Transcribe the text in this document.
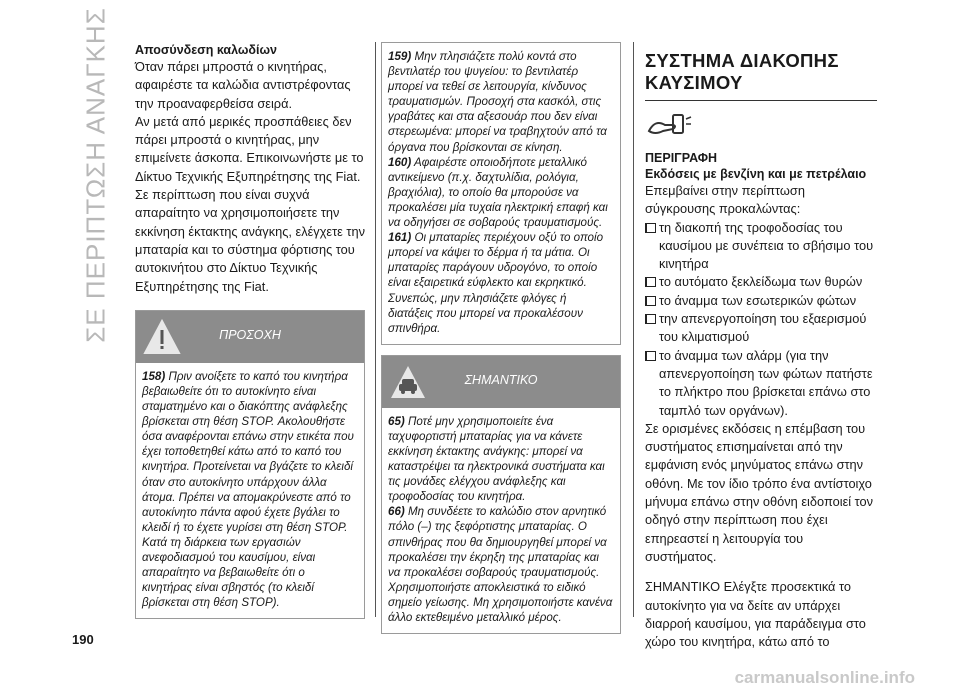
ΣΕ ΠΕΡΙΠΤΩΣΗ ΑΝΑΓΚΗΣ Αποσύνδεση καλωδίων

Όταν πάρει μπροστά ο κινητήρας, αφαιρέστε τα καλώδια αντιστρέφοντας την προαναφερθείσα σειρά.

Αν μετά από μερικές προσπάθειες δεν πάρει μπροστά ο κινητήρας, μην επιμείνετε άσκοπα. Επικοινωνήστε με το Δίκτυο Τεχνικής Εξυπηρέτησης της Fiat.

Σε περίπτωση που είναι συχνά απαραίτητο να χρησιμοποιήσετε την εκκίνηση έκτακτης ανάγκης, ελέγχετε την μπαταρία και το σύστημα φόρτισης του αυτοκινήτου στο Δίκτυο Τεχνικής Εξυπηρέτησης της Fiat.

ΠΡΟΣΟΧΗ

158) Πριν ανοίξετε το καπό του κινητήρα βεβαιωθείτε ότι το αυτοκίνητο είναι σταματημένο και ο διακόπτης ανάφλεξης βρίσκεται στη θέση STOP. Ακολουθήστε όσα αναφέρονται επάνω στην ετικέτα που έχει τοποθετηθεί κάτω από το καπό του κινητήρα. Προτείνεται να βγάζετε το κλειδί όταν στο αυτοκίνητο υπάρχουν άλλα άτομα. Πρέπει να απομακρύνεστε από το αυτοκίνητο πάντα αφού έχετε βγάλει το κλειδί ή το έχετε γυρίσει στη θέση STOP. Κατά τη διάρκεια των εργασιών ανεφοδιασμού του καυσίμου, είναι απαραίτητο να βεβαιωθείτε ότι ο κινητήρας είναι σβηστός (το κλειδί βρίσκεται στη θέση STOP).

159) Μην πλησιάζετε πολύ κοντά στο βεντιλατέρ του ψυγείου: το βεντιλατέρ μπορεί να τεθεί σε λειτουργία, κίνδυνος τραυματισμών. Προσοχή στα κασκόλ, στις γραβάτες και στα αξεσουάρ που δεν είναι στερεωμένα: μπορεί να τραβηχτούν από τα όργανα που βρίσκονται σε κίνηση.

160) Αφαιρέστε οποιοδήποτε μεταλλικό αντικείμενο (π.χ. δαχτυλίδια, ρολόγια, βραχιόλια), το οποίο θα μπορούσε να προκαλέσει μία τυχαία ηλεκτρική επαφή και να οδηγήσει σε σοβαρούς τραυματισμούς.

161) Οι μπαταρίες περιέχουν οξύ το οποίο μπορεί να κάψει το δέρμα ή τα μάτια. Οι μπαταρίες παράγουν υδρογόνο, το οποίο είναι εξαιρετικά εύφλεκτο και εκρηκτικό. Συνεπώς, μην πλησιάζετε φλόγες ή διατάξεις που μπορεί να προκαλέσουν σπινθήρα.

ΣΗΜΑΝΤΙΚΟ

65) Ποτέ μην χρησιμοποιείτε ένα ταχυφορτιστή μπαταρίας για να κάνετε εκκίνηση έκτακτης ανάγκης: μπορεί να καταστρέψει τα ηλεκτρονικά συστήματα και τις μονάδες ελέγχου ανάφλεξης και τροφοδοσίας του κινητήρα.

66) Μη συνδέετε το καλώδιο στον αρνητικό πόλο (–) της ξεφόρτιστης μπαταρίας. Ο σπινθήρας που θα δημιουργηθεί μπορεί να προκαλέσει την έκρηξη της μπαταρίας και να προκαλέσει σοβαρούς τραυματισμούς. Χρησιμοποιήστε αποκλειστικά το ειδικό σημείο γείωσης. Μη χρησιμοποιήστε κανένα άλλο εκτεθειμένο μεταλλικό μέρος.

ΣΥΣΤΗΜΑ ΔΙΑΚΟΠΗΣ ΚΑΥΣΙΜΟΥ

ΠΕΡΙΓΡΑΦΗ

Εκδόσεις με βενζίνη και με πετρέλαιο

Επεμβαίνει στην περίπτωση σύγκρουσης προκαλώντας:

τη διακοπή της τροφοδοσίας του καυσίμου με συνέπεια το σβήσιμο του κινητήρα

το αυτόματο ξεκλείδωμα των θυρών

το άναμμα των εσωτερικών φώτων

την απενεργοποίηση του εξαερισμού του κλιματισμού

το άναμμα των αλάρμ (για την απενεργοποίηση των φώτων πατήστε το πλήκτρο που βρίσκεται επάνω στο ταμπλό των οργάνων).

Σε ορισμένες εκδόσεις η επέμβαση του συστήματος επισημαίνεται από την εμφάνιση ενός μηνύματος επάνω στην οθόνη. Με τον ίδιο τρόπο ένα αντίστοιχο μήνυμα επάνω στην οθόνη ειδοποιεί τον οδηγό στην περίπτωση που έχει επηρεαστεί η λειτουργία του συστήματος.

ΣΗΜΑΝΤΙΚΟ Ελέγξτε προσεκτικά το αυτοκίνητο για να δείτε αν υπάρχει διαρροή καυσίμου, για παράδειγμα στο χώρο του κινητήρα, κάτω από το

190
carmanualsonline.info
